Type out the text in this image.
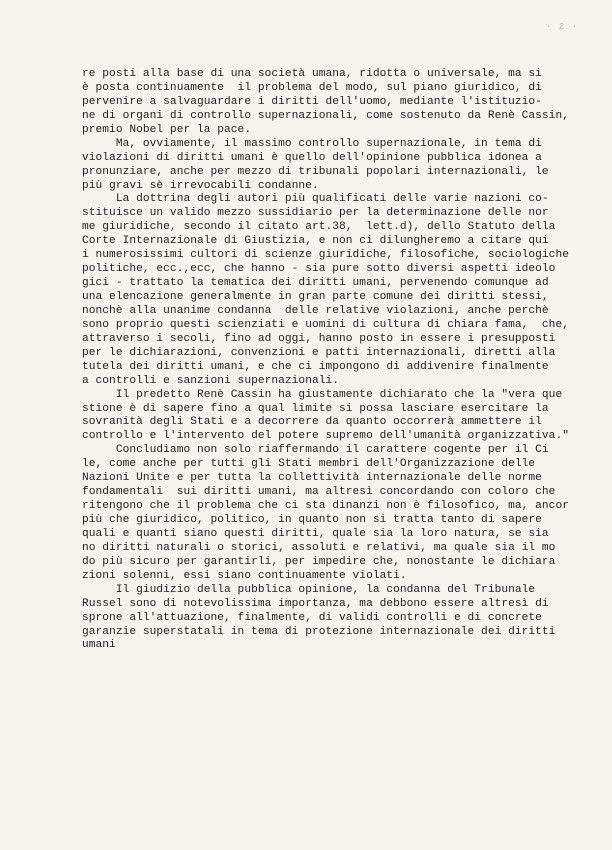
· 2 ·
re posti alla base di una società umana, ridotta o universale, ma si
è posta continuamente  il problema del modo, sul piano giuridico, di
pervenire a salvaguardare i diritti dell'uomo, mediante l'istituzio-
ne di organi di controllo supernazionali, come sostenuto da Renè Cassin,
premio Nobel per la pace.
Ma, ovviamente, il massimo controllo supernazionale, in tema di
violazioni di diritti umani è quello dell'opinione pubblica idonea a
pronunziare, anche per mezzo di tribunali popolari internazionali, le
più gravi sè irrevocabili condanne.
La dottrina degli autori più qualificati delle varie nazioni co-
stituisce un valido mezzo sussidiario per la determinazione delle nor
me giuridiche, secondo il citato art.38,  lett.d), dello Statuto della
Corte Internazionale di Giustizia, e non ci dilungheremo a citare qui
i numerosissimi cultori di scienze giuridiche, filosofiche, sociologiche
politiche, ecc.,ecc, che hanno - sia pure sotto diversi aspetti ideolo
gici - trattato la tematica dei diritti umani, pervenendo comunque ad
una elencazione generalmente in gran parte comune dei diritti stessi,
nonchè alla unanime condanna  delle relative violazioni, anche perchè
sono proprio questi scienziati e uomini di cultura di chiara fama,  che,
attraverso i secoli, fino ad oggi, hanno posto in essere i presupposti
per le dichiarazioni, convenzioni e patti internazionali, diretti alla
tutela dei diritti umani, e che ci impongono di addivenire finalmente
a controlli e sanzioni supernazionali.
Il predetto Renè Cassin ha giustamente dichiarato che la "vera que
stione è di sapere fino a qual limite si possa lasciare esercitare la
sovranità degli Stati e a decorrere da quanto occorrerà ammettere il
controllo e l'intervento del potere supremo dell'umanità organizzativa."
Concludiamo non solo riaffermando il carattere cogente per il Ci
le, come anche per tutti gli Stati membri dell'Organizzazione delle
Nazioni Unite e per tutta la collettività internazionale delle norme
fondamentali  sui diritti umani, ma altresì concordando con coloro che
ritengono che il problema che ci sta dinanzi non è filosofico, ma, ancor
più che giuridico, politico, in quanto non si tratta tanto di sapere
quali e quanti siano questi diritti, quale sia la loro natura, se sia
no diritti naturali o storici, assoluti e relativi, ma quale sia il mo
do più sicuro per garantirli, per impedire che, nonostante le dichiara
zioni solenni, essi siano continuamente violati.
Il giudizio della pubblica opinione, la condanna del Tribunale
Russel sono di notevolissima importanza, ma debbono essere altresì di
sprone all'attuazione, finalmente, di validi controlli e di concrete
garanzie superstatali in tema di protezione internazionale dei diritti
umani
